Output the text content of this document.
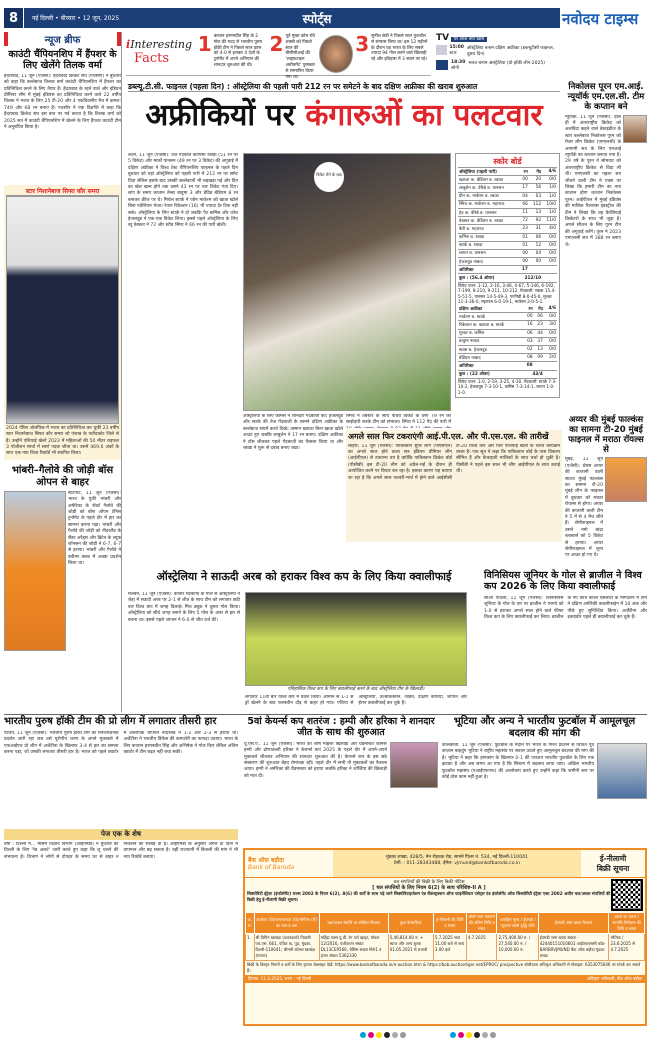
8	नई दिल्ली • बीरवार • 12 जून, 2025	स्पोर्ट्स	नवोदय टाइम्स
iInteresting
Facts
1 कप्तान हरमनप्रीत सिंह के 2 गोल की मदद से भारतीय पुरुष हॉकी टीम ने पिछले साल फ्रांस को 4-0 से हराकर 4 देशों के टूर्नामेंट में अपने अभियान की शानदार शुरुआत की थी।
2 पूर्व मुख्य कोच रवि शास्त्री को पिछले साल की बीसीसीआई की 'लाइफटाइम अचीवमेंट' पुरस्कार से सम्मानित किया गया था।
3 सुनील छेत्री ने पिछले साल फुटबॉल से संन्यास लिया था। इस 12 महीनों के दौरान वह भारत के लिए सबसे ज्यादा 94 गोल करने वाले खिलाड़ी रहे और इतिहास में 3 स्थान पर रहे।
TV पर आज क्या खास
15:00
स्टार
ऑस्ट्रेलिया बनाम दक्षिण अफ्रीका (डब्ल्यूटीसी फाइनल, दूसरा दिन)
18:30
सोनी
भारत बनाम आस्ट्रेलिया (प्रो हॉकी लीग-2025)
न्यूज ब्रीफ
काउंटी चैंपियनशिप में हैंपशर के लिए खेलेंगे तिलक वर्मा
हैदराबाद, 11 जून (एजेंसी): हैदराबाद क्रिकेट संघ (एचसीए) ने बुधवार को कहा कि बल्लेबाज तिलक वर्मा काउंटी चैंपियनशिप में हैंपशर का प्रतिनिधित्व करने के लिए तैयार हैं। हैदराबाद के रहने वाले और इंडियन प्रीमियर लीग में मुंबई इंडियंस का प्रतिनिधित्व करने वाले 22 वर्षीय तिलक ने भारत के लिए 25 टी-20 और 4 एकदिवसीय मैच में क्रमश: 749 और 68 रन बनाए हैं। एचसीए ने एक विज्ञप्ति में कहा कि हैदराबाद क्रिकेट संघ इस बात पर गर्व करता है कि तिलक वर्मा को 2025 सत्र में काउंटी चैंपियनशिप में खेलने के लिए हैंपशर काउंटी टीम ने अनुबंधित किया है।
स्टार निशानेबाज सिफ्त कौर समरा
2024 पेरिस ओलंपिक में भारत का प्रतिनिधित्व कर चुकीं 23 वर्षीय स्टार निशानेबाज सिफ्त कौर समरा जो पंजाब के फरीदकोट जिले से हैं। उन्होंने एशियाई खेलों 2023 में महिलाओं की 50 मीटर राइफल 3 पोजीशन स्पर्धा में स्वर्ण पदक जीता था। उसमें 469.6 अंकों के साथ एक नया विश्व रिकॉर्ड भी स्थापित किया।
भांबरी–गैलोवे की जोड़ी बॉस ओपन से बाहर
स्टटगार्ट, 11 जून (एजेंसी): भारत के युकी भांबरी और अमेरिका के रॉबर्ट गैलोवे की जोड़ी को बॉस ओपन टेनिस टूर्नामेंट के पहले दौर में हार का सामना करना पड़ा। भांबरी और गैलोवे की जोड़ी को नीदरलैंड के सैंडर अरेंड्स और ब्रिटेन के ल्यूक जॉनसन की जोड़ी ने 6-7, 6-7 से हराया। भांबरी और गैलोवे ने क्वीन्स क्लब में अच्छा प्रदर्शन किया था।
डब्ल्यू.टी.सी. फाइनल (पहला दिन) : ऑस्ट्रेलिया की पहली पारी 212 रन पर समेटने के बाद दक्षिण अफ्रीका की खराब शुरुआत
अफ्रीकियों पर कंगारुओं का पलटवार
लंदन, 11 जून (एजेंसी): तेज गेंदबाज कागिसो रबाडा (51 रन पर 5 विकेट) और मार्को यानसन (49 रन पर 3 विकेट) की अगुवाई में दक्षिण अफ्रीका ने विश्व टेस्ट चैंपियनशिप फाइनल के पहले दिन बुधवार को यहां ऑस्ट्रेलिया को पहली पारी में 212 रन पर समेट दिया लेकिन इसके बाद उसकी बल्लेबाजी भी लड़खड़ा गई और दिन का खेल खत्म होने तक उसने 43 रन पर चार विकेट गंवा दिए। स्टंप के समय कप्तान तेम्बा बावुमा 3 और डेविड बेडिंघम 8 रन बनाकर क्रीज पर थे। मिचेल स्टार्क ने एडेन मार्करम को खाता खोले बिना पवेलियन भेजा। रेयान रिकेल्टन (16) भी ज्यादा देर टिक नहीं सके। ऑस्ट्रेलिया के लिए स्टार्क ने दो जबकि पैट कमिंस और जोश हेजलवुड ने एक-एक विकेट लिया। इससे पहले ऑस्ट्रेलिया के लिए ब्यू वेबस्टर ने 72 और स्टीव स्मिथ ने 66 रन की पारी खेली।
विकेट लेने के बाद
ऑस्ट्रेलिया के लिए कमिंस ने शानदार गेंदबाजी की। हेजलवुड और स्टार्क की तेज गेंदबाजी के सामने दक्षिण अफ्रीका के बल्लेबाज संघर्ष करते दिखे। उस्मान ख्वाजा बिना खाता खोले आउट हुए जबकि लाबुशेन ने 17 रन बनाए। दक्षिण अफ्रीका ने टॉस जीतकर पहले गेंदबाजी का फैसला किया था और रबाडा ने शुरू से दबाव बनाए रखा।
स्मिथ ने वेबस्टर के साथ पांचवें विकेट के लिए 79 रन की साझेदारी करके टीम को संभाला। स्मिथ ने 112 गेंद की पारी में
स्कोर बोर्ड
ऑस्ट्रेलिया (पहली पारी)	रन	गेंद	4/6
ख्वाजा क. बेडिंघम ब. रबाडा	00	20	0/0
लाबुशेन क. वेरिन्ने ब. यानसन	17	56	1/0
ग्रीन क. मार्करम ब. रबाडा	04	03	1/0
स्मिथ क. मार्करम ब. महाराज	66	112	10/0
हेड क. वेरिन्ने ब. यानसन	11	13	1/0
वेबस्टर क. बेडिंघम ब. रबाडा	72	92	11/0
कैरी ब. महाराज	23	31	4/0
कमिंस ब. रबाडा	01	06	0/0
स्टार्क ब. रबाडा	01	12	0/0
लायन ब. यानसन	00	04	0/0
हेजलवुड नाबाद	00	00	0/0
अतिरिक्त	17		
कुल : (56.4 ओवर)	212/10		
विकेट पतन: 1-12, 2-16, 3-46, 4-67, 5-146, 6-192, 7-199, 8-210, 9-211, 10-212. गेंदबाजी: रबाडा 15.4-5-51-5, यानसन 14-5-49-3, एनगिडी 8-0-45-0, मुल्डर 11-3-36-0, महाराज 6-0-19-1, मार्करम 2-0-5-1.
दक्षिण अफ्रीका	रन	गेंद	4/6
मार्करम ब. स्टार्क	00	06	0/0
रिकेल्टन क. ख्वाजा ब. स्टार्क	16	23	3/0
मुल्डर ब. कमिंस	06	44	0/0
बावुमा नाबाद	03	37	0/0
स्टब्स ब. हेजलवुड	02	13	0/0
बेडिंघम नाबाद	08	09	2/0
अतिरिक्त	08		
कुल : (22 ओवर)	43/4		
विकेट पतन: 1-0, 2-19, 3-25, 4-30. गेंदबाजी: स्टार्क 7-3-10-2, हेजलवुड 7-3-10-1, कमिंस 7-3-14-1, लायन 1-0-1-0.
अगले साल फिर टकराएंगी आई.पी.एल. और पी.एस.एल. की तारीखें
लाहौर, 11 जून (एजेंसी): पाकिस्तान सुपर लीग (पीएसएल) का अगले साल होने वाला सत्र इंडियन प्रीमियर लीग (आईपीएल) से टकराना तय है क्योंकि पाकिस्तान क्रिकेट बोर्ड (पीसीबी) इस टी-20 लीग को अप्रैल-मई के दौरान ही आयोजित करने पर विचार कर रहा है। इसका कारण यह बताया जा रहा है कि अगले साल फरवरी-मार्च में होने वाले आईसीसी टी-20 विश्व कप और फिर एशियाई खेलों के चलते कार्यक्रम व्यस्त है। एक सूत्र ने कहा कि पाकिस्तान बोर्ड के पास विकल्प सीमित हैं और फ्रेंचाइजी मालिकों के साथ चर्चा हो चुकी है। पीसीबी ने पहले इस साल भी लीग आईपीएल के साथ कराई थी।
निकोलस पूरन एम.आई. न्यूयॉर्क एम.एल.सी. टीम के कप्तान बने
न्यूयॉर्क, 11 जून (एजेंसी): हाल ही में अंतरराष्ट्रीय क्रिकेट को अलविदा कहने वाले वेस्टइंडीज के स्टार बल्लेबाज निकोलस पूरन को मेजर लीग क्रिकेट (एमएलसी) के आगामी सत्र के लिए एमआई न्यूयॉर्क का कप्तान बनाया गया है। 29 वर्ष के पूरन ने सोमवार को अंतरराष्ट्रीय क्रिकेट से विदा ली थी। एमएलसी का पहला सत्र जीतने वाली टीम ने एक्स पर लिखा कि हमारी टीम का नया कप्तान होगा कप्तान निकोलस पूरन। आईपीएल में मुंबई इंडियंस की मालिक रिलायंस इंडस्ट्रीज की टीम ने लिखा कि वह कैरेबियाई क्रिकेटरों के साथ भी जुड़ा है। अगले सीजन के लिए पूरन टीम की अगुवाई करेंगे। पूरन ने 2023 एमएलसी सत्र में 388 रन बनाए थे।
अय्यर की मुंबई फाल्कंस का सामना टी-20 मुंबई फाइनल में मराठा रॉयल्स से
मुंबई, 11 जून (एजेंसी): श्रेयस अय्यर की कप्तानी वाली साउथ मुंबई फाल्कंस का सामना टी-20 मुंबई लीग के फाइनल में बुधवार को मराठा रॉयल्स से होगा। अय्यर की कप्तानी वाली टीम ने 5 में से 4 मैच जीते हैं। सेमीफाइनल में उसने नमो बांद्रा ब्लास्टर्स को 5 विकेट से हराया। अय्यर सेमीफाइनल में शून्य पर आउट हो गए थे।
ऑस्ट्रेलिया ने साऊदी अरब को हराकर विश्व कप के लिए किया क्वालीफाई
मेलबर्न, 11 जून (एजेंसी): कोनोर मेटकाफ के गोल से ऑस्ट्रेलिया ने जेद्दा में सऊदी अरब पर 2-1 से जीत के साथ टीम को लगातार छठी बार विश्व कप में जगह दिलाई। मिच ड्यूक ने दूसरा गोल किया। ऑस्ट्रेलिया को सीधे जगह बनाने के लिए 5 गोल के अंतर से हार से बचना था। इससे पहले जापान ने 6-0 से जीत दर्ज की।
एतिहासिक विश्व कप के लिए क्वालीफाई करने के बाद ऑस्ट्रेलिया टीम के खिलाड़ी।
लगातार 11वीं बार विश्व कप में प्रवेश किया। ओमान से 1-1 से ड्रॉ खेलने के बाद फलस्तीन दौड़ से बाहर हो गया। एशिया से ऑस्ट्रेलिया, उज्बेकिस्तान, जॉर्डन, दक्षिण कोरिया, जापान और ईरान क्वालीफाई कर चुके हैं।
विनिसियस जूनियर के गोल से ब्राजील ने विश्व कप 2026 के लिए किया क्वालीफाई
साओ पाउलो, 11 जून (एजेंसी): विनिसियस जूनियर के गोल के दम पर ब्राजील ने पराग्वे को 1-0 से हराकर अगले साल होने वाले फीफा विश्व कप के लिए क्वालीफाई कर लिया। ब्राजील के नए कोच कार्लो एंसेलोटी के मार्गदर्शन में टीम ने दक्षिण अमेरिकी क्वालीफाइंग में 10 अंक और पीछे हुए सुनिश्चित किया। अर्जेंटीना और इक्वाडोर पहले ही क्वालीफाई कर चुके हैं।
भारतीय पुरुष हॉकी टीम की प्रो लीग में लगातार तीसरी हार
एंटवर्प, 11 जून (एजेंसी): भारतीय पुरुष हॉकी टीम का निराशाजनक प्रदर्शन जारी रहा जब उसे यूरोपीय चरण के अपने मुकाबले में एफआईएच प्रो लीग में अर्जेंटीना के खिलाफ 3-4 से हार का सामना करना पड़ा, जो उसकी लगातार तीसरी हार है। भारत को पहले क्वार्टर में ओलंपिक चैंपियन नीदरलैंड ने 1-2 और 2-3 से हराया था। अर्जेंटीना ने भारतीय डिफेंस की कमजोरी का फायदा उठाया। भारत के लिए कप्तान हरमनप्रीत सिंह और अभिषेक ने गोल किए लेकिन अंतिम क्वार्टर में टीम बढ़त नहीं बचा सकी।
पेज एक के शेष
वर्षा : दिल्ली में... मौसम विज्ञान विभाग (आईएमडी) ने बुधवार को दिल्ली के लिए 'रेड अलर्ट' जारी करते हुए कहा कि लू चलने की संभावना है। विभाग ने लोगों से दोपहर के समय घर से बाहर न निकलने की सलाह दी है। आईएमडी के अनुसार अगले दो दिनों में तापमान और बढ़ सकता है। वहीं राजधानी में बिजली की मांग ने भी नया रिकॉर्ड बनाया।
5वां केयर्न्स कप शतरंज : हम्पी और हरिका ने शानदार जीत के साथ की शुरुआत
यू.एस.ए., 11 जून (एजेंसी): भारत की शीर्ष महिला खिलाड़ी और ग्रैंडमास्टर कोनेरू हम्पी और द्रोणावल्ली हरिका ने केयर्न्स कप 2025 के पहले दौर में अपने-अपने मुकाबले जीतकर अभियान की शानदार शुरुआत की है। केयर्न्स कप के इस छठे संस्करण की शुरुआत बेहद रोमांचक रही। पहले दौर में सभी नौ मुकाबलों का फैसला आया। हम्पी ने अमेरिका की ग्रैंडमास्टर को हराया जबकि हरिका ने जॉर्जिया की खिलाड़ी को मात दी।
भूटिया और अन्य ने भारतीय फुटबॉल में आमूलचूल बदलाव की मांग की
कोलकाता, 11 जून (एजेंसी): फुटबॉल के मैदान पर भारत के गिरते प्रदर्शन से चिंतित पूर्व कप्तान बाइचुंग भूटिया ने राष्ट्रीय महासंघ पर सवाल उठाते हुए आमूलचूल बदलाव की मांग की है। भूटिया ने कहा कि हांगकांग के खिलाफ 0-1 की पराजय भारतीय फुटबॉल के लिए एक झटका है और अब समय आ गया है कि सिस्टम में बदलाव लाया जाए। अखिल भारतीय फुटबॉल महासंघ (एआईएफएफ) की आलोचना करते हुए उन्होंने कहा कि जमीनी स्तर पर कोई ठोस काम नहीं हुआ है।
बैंक ऑफ़ बड़ौदा
Bank of Baroda
मुंडका शाखा, 428/5, मेन रोहतक रोड, सामने पिलर नं. 534, नई दिल्ली-110041
टेली. : 011-28343488, ईमेल: vjmund@bankofbaroda.co.in
ई-नीलामी
बिक्री सूचना
चल संपत्तियों की बिक्री के लिए बिक्री नोटिस
[ चल संपत्तियों के लिए नियम 6(2) के साथ परिशिष्ट-II A ]
सिक्योरिटी इंट्रेस्ट (इंफोर्समेंट) रूल्स 2002 के नियम 6(2), 8(6) की शर्तों के साथ पढ़े जाने सिक्योरिटाइजेशन एंड रीकंस्ट्रक्शन ऑफ फाइनेंशियल एसेट्स एंड इंफोर्समेंट ऑफ सिक्योरिटी इंट्रेस्ट एक्ट 2002 अधीन चल/अचल संपत्तियों की बिक्री हेतु ई-नीलामी बिक्री सूचना।
क्र. सं.	कर्जदार (रो)/जमानतदार (रो)/मोर्गेजर (रो) का नाम व पता	चल/अचल संपत्ति का संक्षिप्त विवरण	कुल देयराशियां	ई-नीलामी की तिथि व समय	बोली जमा करवाने की अंतिम तिथि व समय	आरक्षित मूल्य / ईएमडी / न्यूनतम बोली वृद्धि राशि	ईएमडी जमा खाता विवरण	कब्जे का प्रकार / सम्पत्ति निरीक्षण की तिथि व समय
1.	श्री विपिन खरबंदा (उधारकर्ता) निवासी एच.एस. 661, पॉकेट क, पूठ, मुंडका, दिल्ली-110041; श्रीमती कोमल खरबंदा (गारंटर)	महिंद्रा एक्स.यू.वी. रंग पर्ल व्हाइट, मॉडल 12/2016, पंजीकरण संख्या DL13CE9566, चेसिस संख्या MA1 व इंजन संख्या 5362330	5,46,814.00 रु. + ब्याज और अन्य शुल्क 01.05.2021 से प्रभावी	5.7.2025 सायं 11.00 बजे से सायं 3.00 बजे	4.7.2025	2,75,400.00 रु. / 27,540.00 रु. / 10,000.00 रु.	ईएमडी जमा खाता संख्या - 42440151010601 आईएफएससी कोड-BARB0VJMUND बैंक ऑफ बड़ौदा मुंडका शाखा	भौतिक / 23.6.2025 से 4.7.2025
बिक्री के विस्तृत नियमों व शर्तों के लिए कृपया वेबसाइट देखें: https://www.bankofbaroda.in/e-auction.htm & https://bob.auctiontiger.net/EPROC/ prospective बोलीदाता अधिकृत अधिकारी से मोबाइल: 6353075646 पर संपर्क कर सकते हैं।
दिनांक: 11.6.2025, स्थान : नई दिल्ली	अधिकृत अधिकारी, बैंक ऑफ बड़ौदा
